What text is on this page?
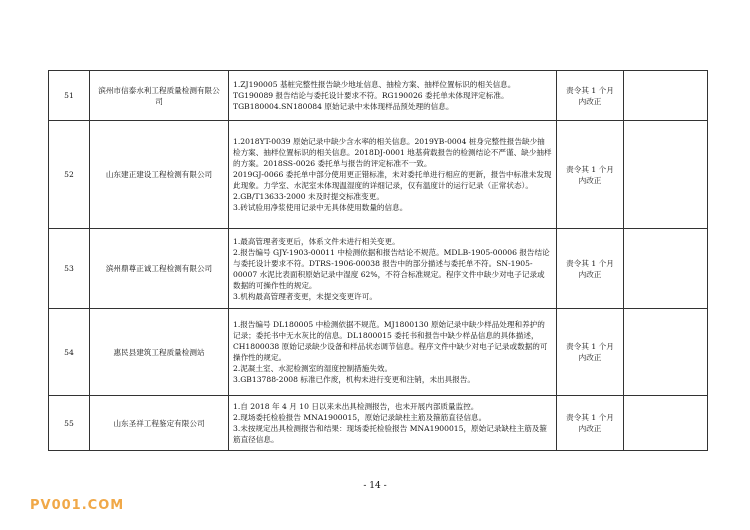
51	滨州市信泰水利工程质量检测有限公司	1.ZJ190005 基桩完整性报告缺少地址信息、抽检方案、抽样位置标识的相关信息。TG190089 报告结论与委托设计要求不符。RG190026 委托单未体现评定标准。TGB180004.SN180084 原始记录中未体现样品预处理的信息。	责令其 1 个月内改正	
52	山东建正建设工程检测有限公司	1.2018YT-0039 原始记录中缺少含水率的相关信息。2019YB-0004 桩身完整性报告缺少抽检方案、抽样位置标识的相关信息。2018DJ-0001 地基荷载报告的检测结论不严谨、缺少抽样的方案。2018SS-0026 委托单与报告的评定标准不一致。
2019GJ-0066 委托单中部分使用更正错标准，未对委托单进行相应的更新，报告中标准未发现此现象。力学室、水泥室未体现温湿度的详细记录，仅有温度计的运行记录（正常状态）。
2.GB/T13633-2000 未及时提交标准变更。
3.砖试验用净浆使用记录中无具体使用数量的信息。	责令其 1 个月内改正	
53	滨州鼎尊正诚工程检测有限公司	1.最高管理者变更后，体系文件未进行相关变更。
2.报告编号 GJY-1903-00011 中检测依据和报告结论不规范。MDLB-1905-00006 报告结论与委托设计要求不符。DTRS-1906-00038 报告中的部分描述与委托单不符。SN-1905-00007 水泥比表面积原始记录中湿度 62%，不符合标准规定。程序文件中缺少对电子记录或数据的可操作性的规定。
3.机构最高管理者变更，未提交变更许可。	责令其 1 个月内改正	
54	惠民县建筑工程质量检测站	1.报告编号 DL180005 中检测依据不规范。MJ1800130 原始记录中缺少样品处理和养护的记录；委托书中无水灰比的信息。DL1800015 委托书和报告中缺少样品信息的具体描述，CH1800038 原始记录缺少设备和样品状态调节信息。程序文件中缺少对电子记录或数据的可操作性的规定。
2.泥凝土室、水泥检测室的湿度控制措施失效。
3.GB13788-2008 标准已作废，机构未进行变更和注销，未出具报告。	责令其 1 个月内改正	
55	山东圣祥工程鉴定有限公司	1.自 2018 年 4 月 10 日以来未出具检测报告，也未开展内部质量监控。
2.现场委托检验报告 MNA1900015，原始记录缺柱主筋及箍筋直径信息。
3.未按规定出具检测报告和结果：现场委托检验报告 MNA1900015，原始记录缺柱主筋及箍筋直径信息。	责令其 1 个月内改正	
- 14 -
PV001.COM
